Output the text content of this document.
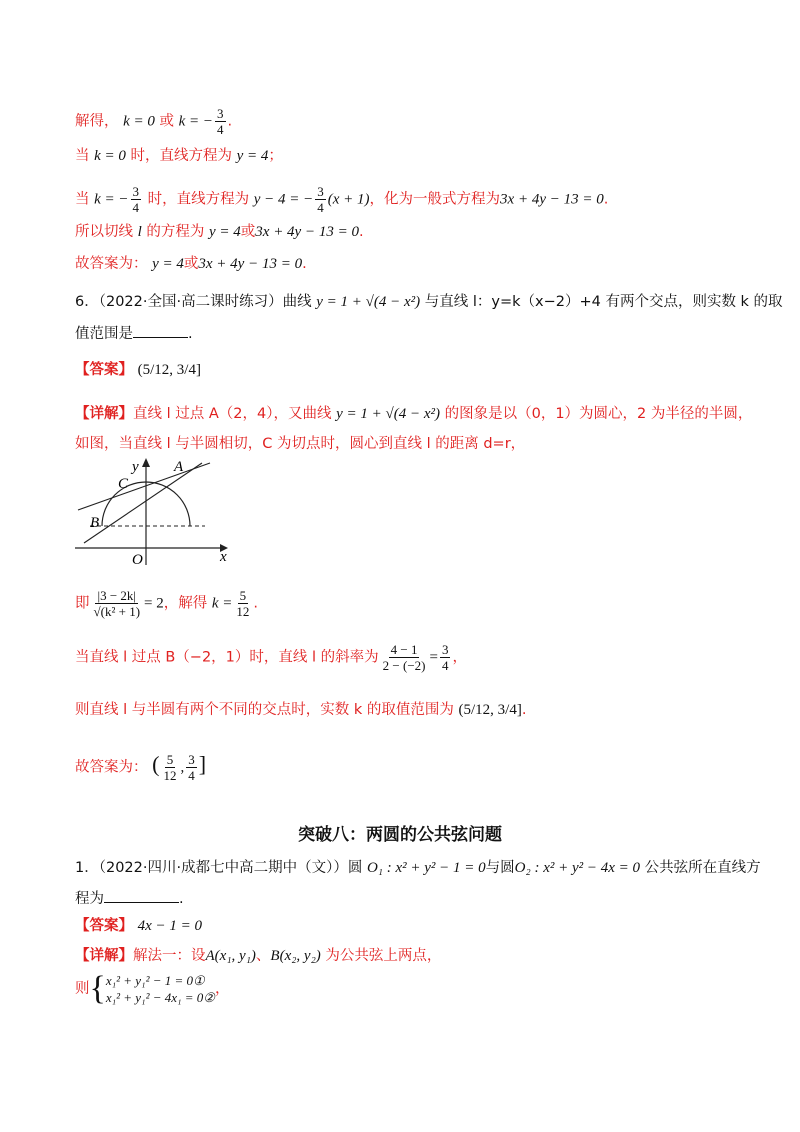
解得， k = 0 或 k = − $\frac{3}{4}$ .
当 k = 0 时，直线方程为 y = 4；
当 k = − $\frac{3}{4}$ 时，直线方程为 y − 4 = − $\frac{3}{4} (x + 1)$，化为一般式方程为3x + 4y − 13 = 0.
所以切线 l 的方程为 y = 4或3x + 4y − 13 = 0.
故答案为： y = 4或3x + 4y − 13 = 0.
6．（2022·全国·高二课时练习）曲线 y = 1 + √(4 − x²) 与直线 l：y=k（x−2）+4 有两个交点，则实数 k 的取
值范围是	.
【答案】 (5/12, 3/4]
【详解】直线 l 过点 A（2，4），又曲线 y = 1 + √(4 − x²) 的图象是以（0，1）为圆心，2 为半径的半圆，
如图，当直线 l 与半圆相切，C 为切点时，圆心到直线 l 的距离 d=r，
y
x
A
B
C
O
即 $\frac{|3 - 2k|}{\text{√(k² + 1)}} = 2$，解得 $k = \frac{5}{12}$ .
当直线 l 过点 B（−2，1）时，直线 l 的斜率为 $\frac{4 - 1}{2 - (-2)} = \frac{3}{4}$ ，
则直线 l 与半圆有两个不同的交点时，实数 k 的取值范围为 (5/12, 3/4].
故答案为： ( $\frac{5}{12}$ , $\frac{3}{4}$ ]
突破八：两圆的公共弦问题
1．（2022·四川·成都七中高二期中（文））圆 O₁ : x² + y² − 1 = 0与圆O₂ : x² + y² − 4x = 0 公共弦所在直线方
程为	.
【答案】 4x − 1 = 0
【详解】解法一：设A(x₁, y₁)、B(x₂, y₂) 为公共弦上两点，
则{ x₁² + y₁² − 1 = 0①
x₁² + y₁² − 4x₁ = 0②
，
